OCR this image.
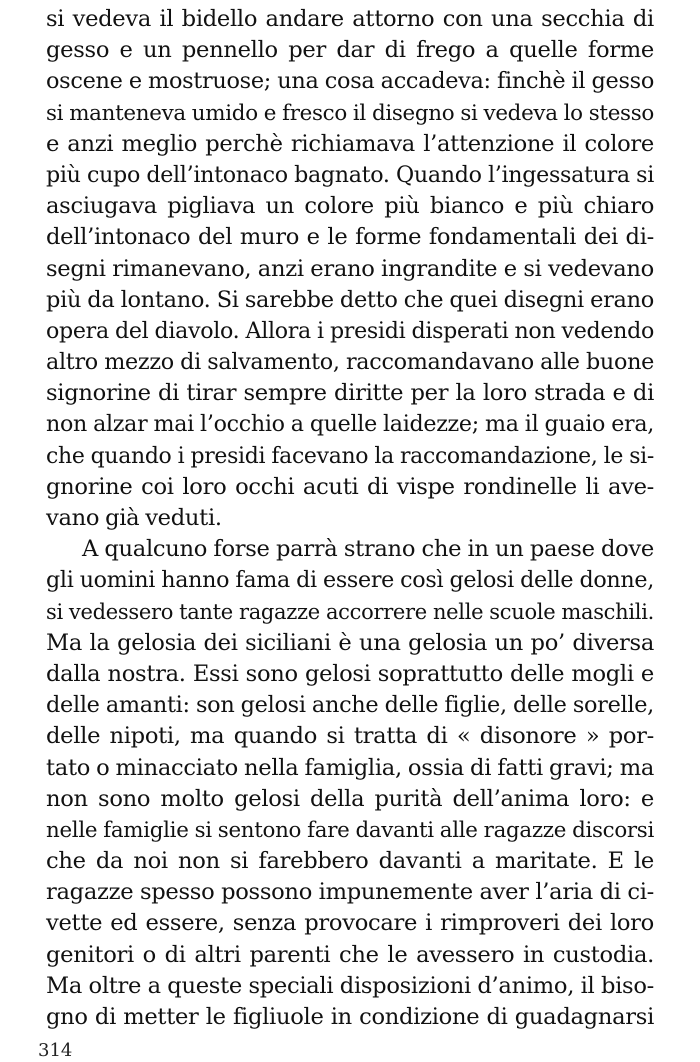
si vedeva il bidello andare attorno con una secchia di
gesso e un pennello per dar di frego a quelle forme
oscene e mostruose; una cosa accadeva: finchè il gesso
si manteneva umido e fresco il disegno si vedeva lo stesso
e anzi meglio perchè richiamava l’attenzione il colore
più cupo dell’intonaco bagnato. Quando l’ingessatura si
asciugava pigliava un colore più bianco e più chiaro
dell’intonaco del muro e le forme fondamentali dei di-
segni rimanevano, anzi erano ingrandite e si vedevano
più da lontano. Si sarebbe detto che quei disegni erano
opera del diavolo. Allora i presidi disperati non vedendo
altro mezzo di salvamento, raccomandavano alle buone
signorine di tirar sempre diritte per la loro strada e di
non alzar mai l’occhio a quelle laidezze; ma il guaio era,
che quando i presidi facevano la raccomandazione, le si-
gnorine coi loro occhi acuti di vispe rondinelle li ave-
vano già veduti.

A qualcuno forse parrà strano che in un paese dove
gli uomini hanno fama di essere così gelosi delle donne,
si vedessero tante ragazze accorrere nelle scuole maschili.
Ma la gelosia dei siciliani è una gelosia un po’ diversa
dalla nostra. Essi sono gelosi soprattutto delle mogli e
delle amanti: son gelosi anche delle figlie, delle sorelle,
delle nipoti, ma quando si tratta di « disonore » por-
tato o minacciato nella famiglia, ossia di fatti gravi; ma
non sono molto gelosi della purità dell’anima loro: e
nelle famiglie si sentono fare davanti alle ragazze discorsi
che da noi non si farebbero davanti a maritate. E le
ragazze spesso possono impunemente aver l’aria di ci-
vette ed essere, senza provocare i rimproveri dei loro
genitori o di altri parenti che le avessero in custodia.
Ma oltre a queste speciali disposizioni d’animo, il biso-
gno di metter le figliuole in condizione di guadagnarsi

314
